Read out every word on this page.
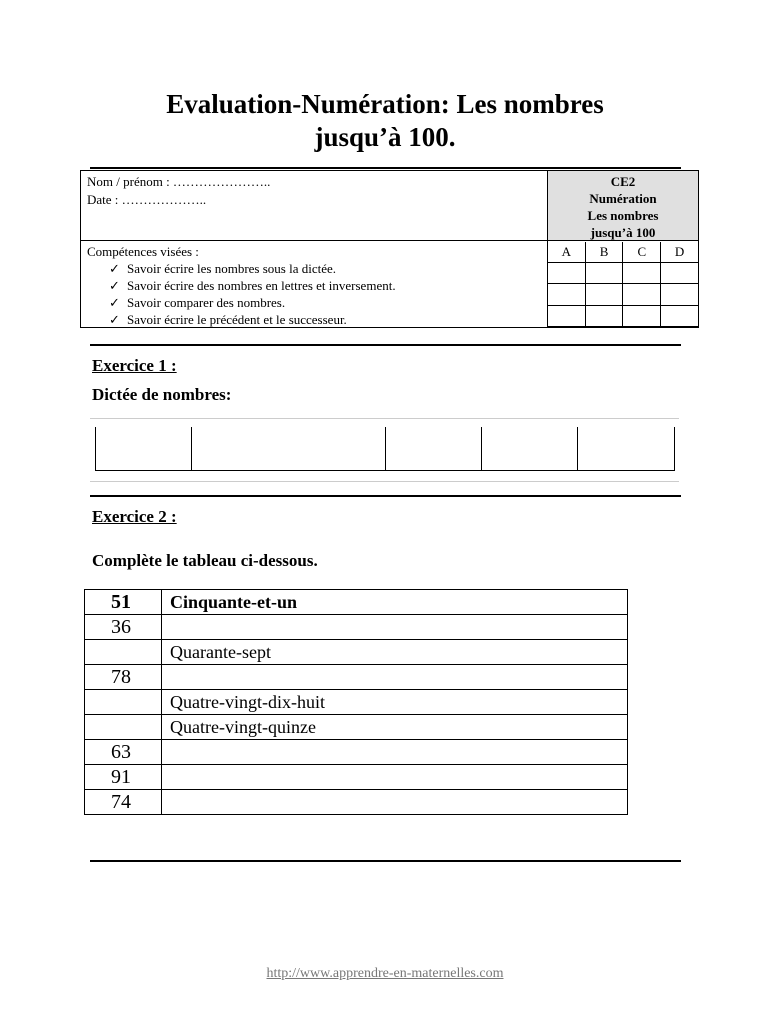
Evaluation-Numération: Les nombres
jusqu’à 100.
Nom / prénom : …………………..
Date : ………………..
Compétences visées :
✓ Savoir écrire les nombres sous la dictée.
✓ Savoir écrire des nombres en lettres et inversement.
✓ Savoir comparer des nombres.
✓ Savoir écrire le précédent et le successeur.
CE2
Numération
Les nombres
jusqu’à 100
A	B	C	D

Exercice 1 :
Dictée de nombres:
Exercice 2 :
Complète le tableau ci-dessous.
51	Cinquante-et-un
36	
	Quarante-sept
78	
	Quatre-vingt-dix-huit
	Quatre-vingt-quinze
63	
91	
74	
http://www.apprendre-en-maternelles.com
